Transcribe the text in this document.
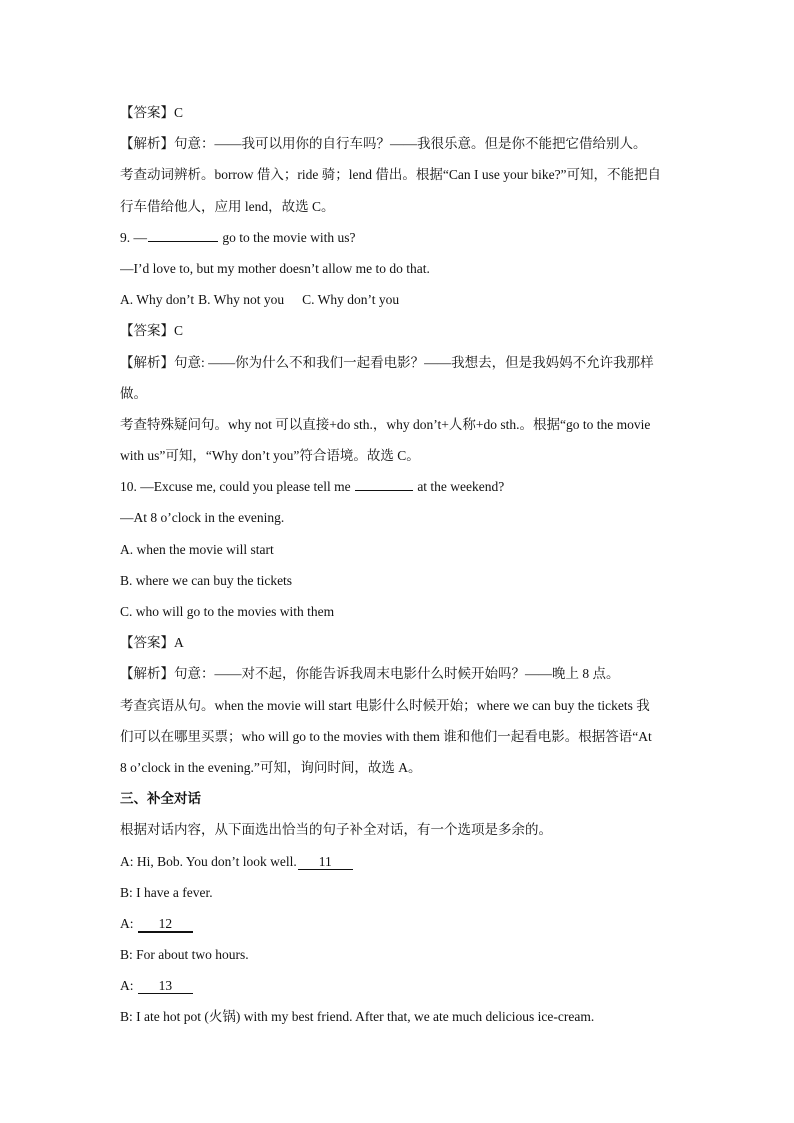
【答案】C
【解析】句意：——我可以用你的自行车吗？——我很乐意。但是你不能把它借给别人。
考查动词辨析。borrow 借入；ride 骑；lend 借出。根据“Can I use your bike?”可知，不能把自
行车借给他人，应用 lend，故选 C。
9. —	go to the movie with us?
—I’d love to, but my mother doesn’t allow me to do that.
A. Why don’t B. Why not you C. Why don’t you
【答案】C
【解析】句意: ——你为什么不和我们一起看电影？——我想去，但是我妈妈不允许我那样
做。
考查特殊疑问句。why not 可以直接+do sth.，why don’t+人称+do sth.。根据“go to the movie
with us”可知，“Why don’t you”符合语境。故选 C。
10. —Excuse me, could you please tell me	at the weekend?
—At 8 o’clock in the evening.
A. when the movie will start
B. where we can buy the tickets
C. who will go to the movies with them
【答案】A
【解析】句意：——对不起，你能告诉我周末电影什么时候开始吗？——晚上 8 点。
考查宾语从句。when the movie will start 电影什么时候开始；where we can buy the tickets 我
们可以在哪里买票；who will go to the movies with them 谁和他们一起看电影。根据答语“At
8 o’clock in the evening.”可知，询问时间，故选 A。
三、补全对话
根据对话内容，从下面选出恰当的句子补全对话，有一个选项是多余的。
A: Hi, Bob. You don’t look well. 11
B: I have a fever.
A: 12
B: For about two hours.
A: 13
B: I ate hot pot (火锅) with my best friend. After that, we ate much delicious ice-cream.
